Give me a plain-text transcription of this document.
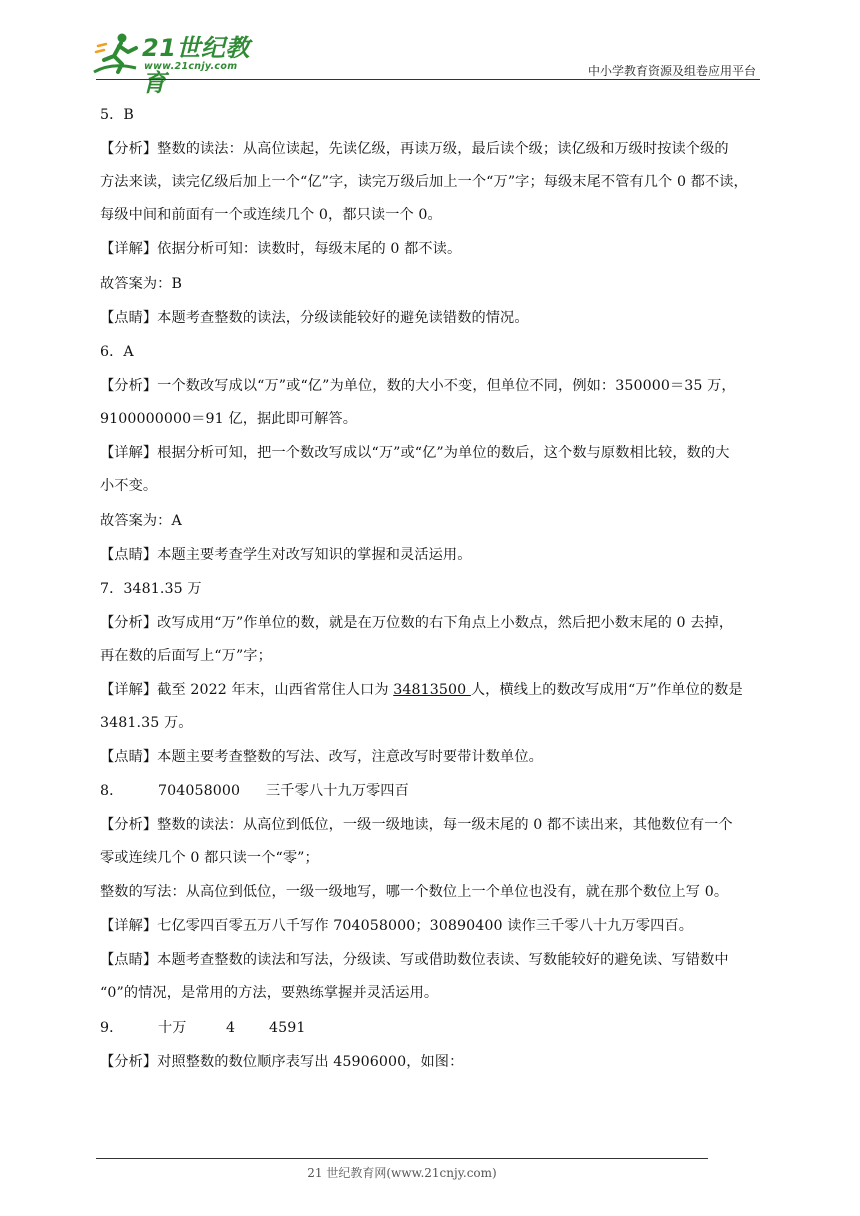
21世纪教育
www.21cnjy.com	中小学教育资源及组卷应用平台
5．B
【分析】整数的读法：从高位读起，先读亿级，再读万级，最后读个级；读亿级和万级时按读个级的
方法来读，读完亿级后加上一个“亿”字，读完万级后加上一个“万”字；每级末尾不管有几个 0 都不读，
每级中间和前面有一个或连续几个 0，都只读一个 0。
【详解】依据分析可知：读数时，每级末尾的 0 都不读。
故答案为：B
【点睛】本题考查整数的读法，分级读能较好的避免读错数的情况。
6．A
【分析】一个数改写成以“万”或“亿”为单位，数的大小不变，但单位不同，例如：350000＝35 万，
9100000000＝91 亿，据此即可解答。
【详解】根据分析可知，把一个数改写成以“万”或“亿”为单位的数后，这个数与原数相比较，数的大
小不变。
故答案为：A
【点睛】本题主要考查学生对改写知识的掌握和灵活运用。
7．3481.35 万
【分析】改写成用“万”作单位的数，就是在万位数的右下角点上小数点，然后把小数末尾的 0 去掉，
再在数的后面写上“万”字；
【详解】截至 2022 年末，山西省常住人口为 34813500 人，横线上的数改写成用“万”作单位的数是
3481.35 万。
【点睛】本题主要考查整数的写法、改写，注意改写时要带计数单位。
8． 704058000 三千零八十九万零四百
【分析】整数的读法：从高位到低位，一级一级地读，每一级末尾的 0 都不读出来，其他数位有一个
零或连续几个 0 都只读一个“零”；
整数的写法：从高位到低位，一级一级地写，哪一个数位上一个单位也没有，就在那个数位上写 0。
【详解】七亿零四百零五万八千写作 704058000；30890400 读作三千零八十九万零四百。
【点睛】本题考查整数的读法和写法，分级读、写或借助数位表读、写数能较好的避免读、写错数中
“0”的情况，是常用的方法，要熟练掌握并灵活运用。
9． 十万	4 4591
【分析】对照整数的数位顺序表写出 45906000，如图：
21 世纪教育网(www.21cnjy.com)
